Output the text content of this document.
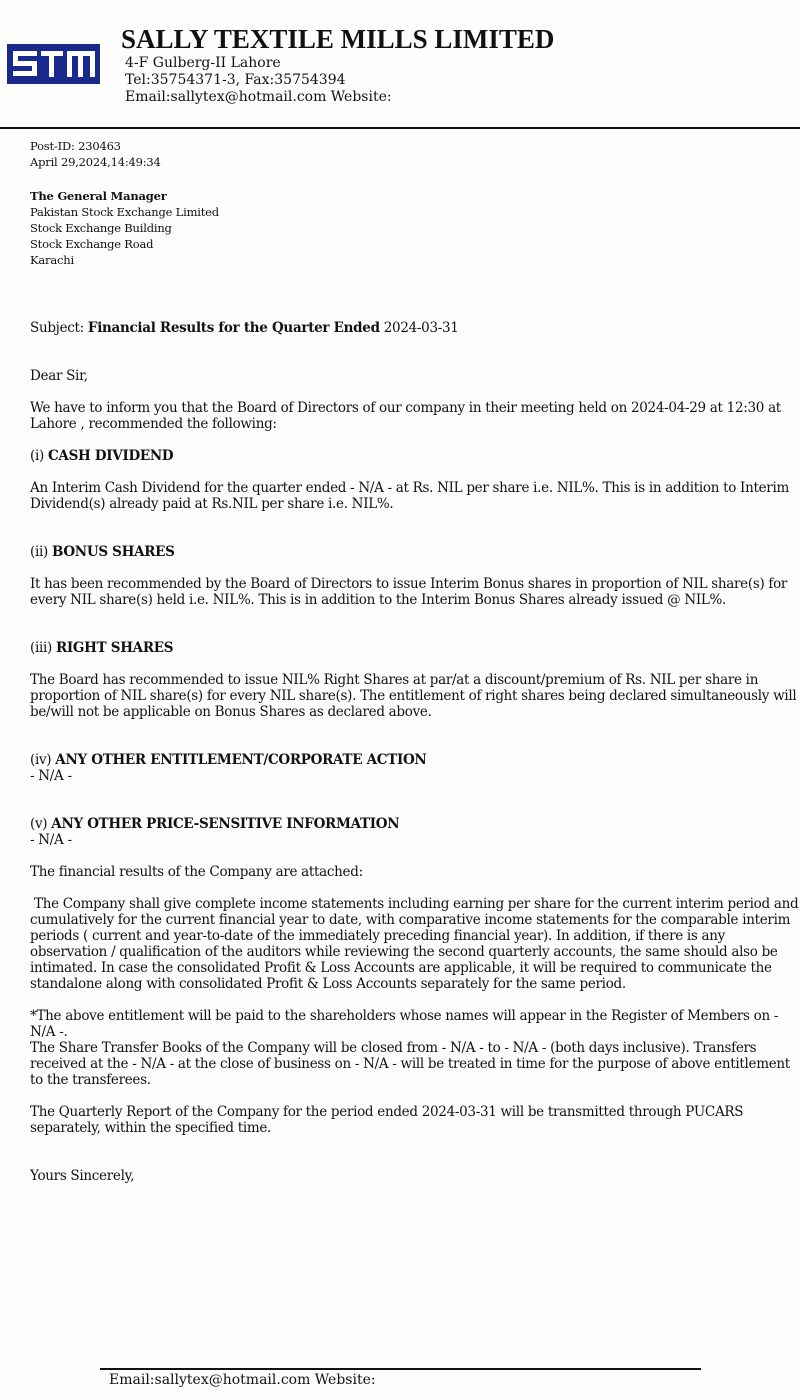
SALLY TEXTILE MILLS LIMITED
4-F Gulberg-II Lahore
Tel:35754371-3, Fax:35754394
Email:sallytex@hotmail.com Website:
Post-ID: 230463
April 29,2024,14:49:34
The General Manager
Pakistan Stock Exchange Limited
Stock Exchange Building
Stock Exchange Road
Karachi
Subject: Financial Results for the Quarter Ended 2024-03-31
Dear Sir,
We have to inform you that the Board of Directors of our company in their meeting held on 2024-04-29 at 12:30 at Lahore , recommended the following:
(i) CASH DIVIDEND
An Interim Cash Dividend for the quarter ended - N/A - at Rs. NIL per share i.e. NIL%. This is in addition to Interim Dividend(s) already paid at Rs.NIL per share i.e. NIL%.
(ii) BONUS SHARES
It has been recommended by the Board of Directors to issue Interim Bonus shares in proportion of NIL share(s) for every NIL share(s) held i.e. NIL%. This is in addition to the Interim Bonus Shares already issued @ NIL%.
(iii) RIGHT SHARES
The Board has recommended to issue NIL% Right Shares at par/at a discount/premium of Rs. NIL per share in proportion of NIL share(s) for every NIL share(s). The entitlement of right shares being declared simultaneously will be/will not be applicable on Bonus Shares as declared above.
(iv) ANY OTHER ENTITLEMENT/CORPORATE ACTION
- N/A -
(v) ANY OTHER PRICE-SENSITIVE INFORMATION
- N/A -
The financial results of the Company are attached:
The Company shall give complete income statements including earning per share for the current interim period and cumulatively for the current financial year to date, with comparative income statements for the comparable interim periods ( current and year-to-date of the immediately preceding financial year). In addition, if there is any observation / qualification of the auditors while reviewing the second quarterly accounts, the same should also be intimated. In case the consolidated Profit & Loss Accounts are applicable, it will be required to communicate the standalone along with consolidated Profit & Loss Accounts separately for the same period.
*The above entitlement will be paid to the shareholders whose names will appear in the Register of Members on - N/A -.
The Share Transfer Books of the Company will be closed from - N/A - to - N/A - (both days inclusive). Transfers received at the - N/A - at the close of business on - N/A - will be treated in time for the purpose of above entitlement to the transferees.
The Quarterly Report of the Company for the period ended 2024-03-31 will be transmitted through PUCARS separately, within the specified time.
Yours Sincerely,
Email:sallytex@hotmail.com Website:
